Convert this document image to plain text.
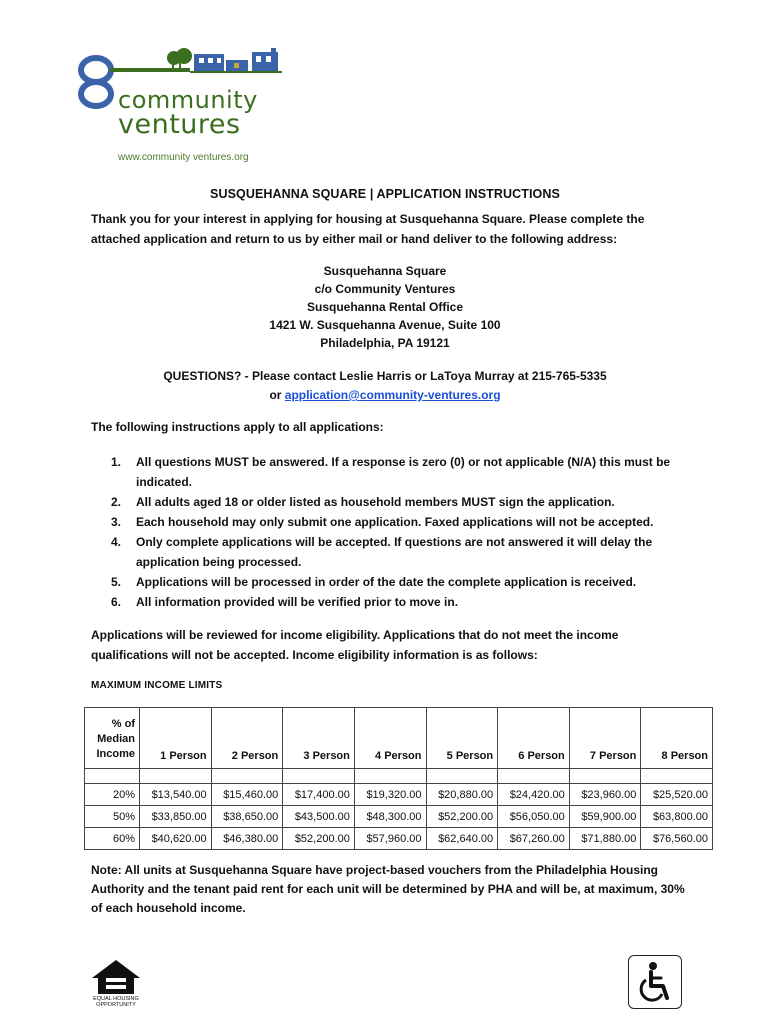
community
ventures
www.community ventures.org
SUSQUEHANNA SQUARE | APPLICATION INSTRUCTIONS
Thank you for your interest in applying for housing at Susquehanna Square. Please complete the attached application and return to us by either mail or hand deliver to the following address:
Susquehanna Square
c/o Community Ventures
Susquehanna Rental Office
1421 W. Susquehanna Avenue, Suite 100
Philadelphia, PA 19121
QUESTIONS? - Please contact Leslie Harris or LaToya Murray at 215-765-5335
or application@community-ventures.org
The following instructions apply to all applications:
1. All questions MUST be answered. If a response is zero (0) or not applicable (N/A) this must be indicated.
2. All adults aged 18 or older listed as household members MUST sign the application.
3. Each household may only submit one application. Faxed applications will not be accepted.
4. Only complete applications will be accepted. If questions are not answered it will delay the application being processed.
5. Applications will be processed in order of the date the complete application is received.
6. All information provided will be verified prior to move in.
Applications will be reviewed for income eligibility. Applications that do not meet the income qualifications will not be accepted. Income eligibility information is as follows:
MAXIMUM INCOME LIMITS
% of
Median
Income	1 Person	2 Person	3 Person	4 Person	5 Person	6 Person	7 Person	8 Person

20%	$13,540.00	$15,460.00	$17,400.00	$19,320.00	$20,880.00	$24,420.00	$23,960.00	$25,520.00
50%	$33,850.00	$38,650.00	$43,500.00	$48,300.00	$52,200.00	$56,050.00	$59,900.00	$63,800.00
60%	$40,620.00	$46,380.00	$52,200.00	$57,960.00	$62,640.00	$67,260.00	$71,880.00	$76,560.00
Note: All units at Susquehanna Square have project-based vouchers from the Philadelphia Housing Authority and the tenant paid rent for each unit will be determined by PHA and will be, at maximum, 30% of each household income.
EQUAL HOUSING OPPORTUNITY
